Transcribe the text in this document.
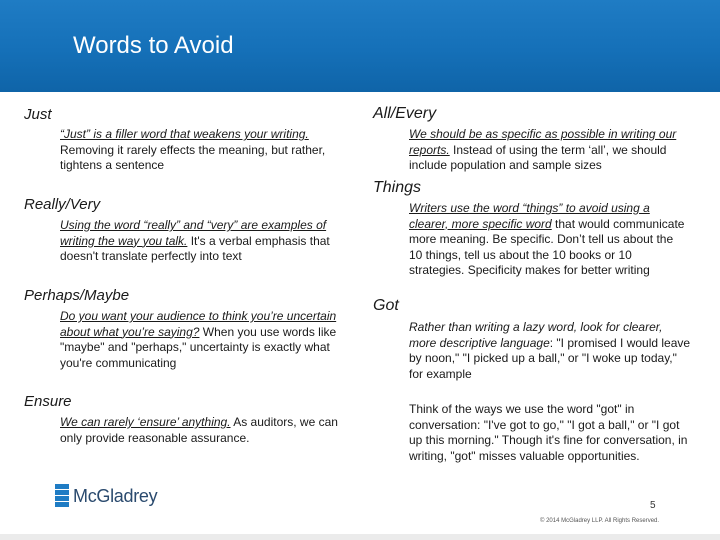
Words to Avoid
Just
“Just” is a filler word that weakens your writing. Removing it rarely effects the meaning, but rather, tightens a sentence
Really/Very
Using the word “really” and “very” are examples of writing the way you talk. It's a verbal emphasis that doesn't translate perfectly into text
Perhaps/Maybe
Do you want your audience to think you’re uncertain about what you’re saying? When you use words like "maybe" and "perhaps," uncertainty is exactly what you're communicating
Ensure
We can rarely ‘ensure’ anything. As auditors, we can only provide reasonable assurance.
All/Every
We should be as specific as possible in writing our reports. Instead of using the term ‘all’, we should include population and sample sizes
Things
Writers use the word “things” to avoid using a clearer, more specific word that would communicate more meaning. Be specific. Don’t tell us about the 10 things, tell us about the 10 books or 10 strategies. Specificity makes for better writing
Got
Rather than writing a lazy word, look for clearer, more descriptive language: "I promised I would leave by noon," "I picked up a ball," or "I woke up today," for example
Think of the ways we use the word "got" in conversation: "I've got to go," "I got a ball," or "I got up this morning." Though it's fine for conversation, in writing, "got" misses valuable opportunities.
McGladrey	5
© 2014 McGladrey LLP. All Rights Reserved.
